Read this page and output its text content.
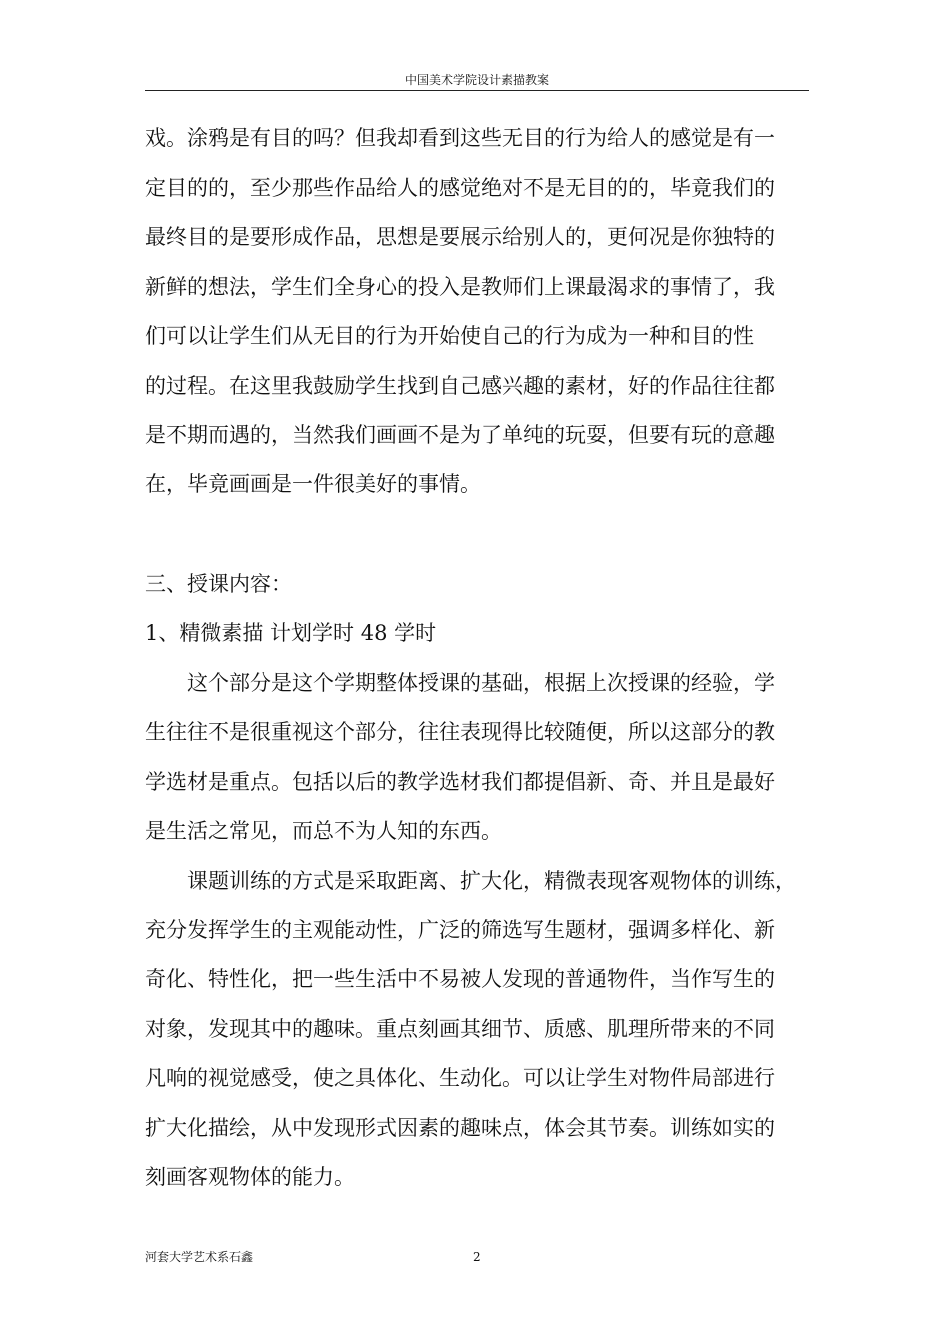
中国美术学院设计素描教案
戏。涂鸦是有目的吗？但我却看到这些无目的行为给人的感觉是有一
定目的的，至少那些作品给人的感觉绝对不是无目的的，毕竟我们的
最终目的是要形成作品，思想是要展示给别人的，更何况是你独特的
新鲜的想法，学生们全身心的投入是教师们上课最渴求的事情了，我
们可以让学生们从无目的行为开始使自己的行为成为一种和目的性
的过程。在这里我鼓励学生找到自己感兴趣的素材，好的作品往往都
是不期而遇的，当然我们画画不是为了单纯的玩耍，但要有玩的意趣
在，毕竟画画是一件很美好的事情。
三、授课内容：
1、精微素描 计划学时 48 学时
这个部分是这个学期整体授课的基础，根据上次授课的经验，学
生往往不是很重视这个部分，往往表现得比较随便，所以这部分的教
学选材是重点。包括以后的教学选材我们都提倡新、奇、并且是最好
是生活之常见，而总不为人知的东西。
课题训练的方式是采取距离、扩大化，精微表现客观物体的训练，
充分发挥学生的主观能动性，广泛的筛选写生题材，强调多样化、新
奇化、特性化，把一些生活中不易被人发现的普通物件，当作写生的
对象，发现其中的趣味。重点刻画其细节、质感、肌理所带来的不同
凡响的视觉感受，使之具体化、生动化。可以让学生对物件局部进行
扩大化描绘，从中发现形式因素的趣味点，体会其节奏。训练如实的
刻画客观物体的能力。
河套大学艺术系石鑫	2
